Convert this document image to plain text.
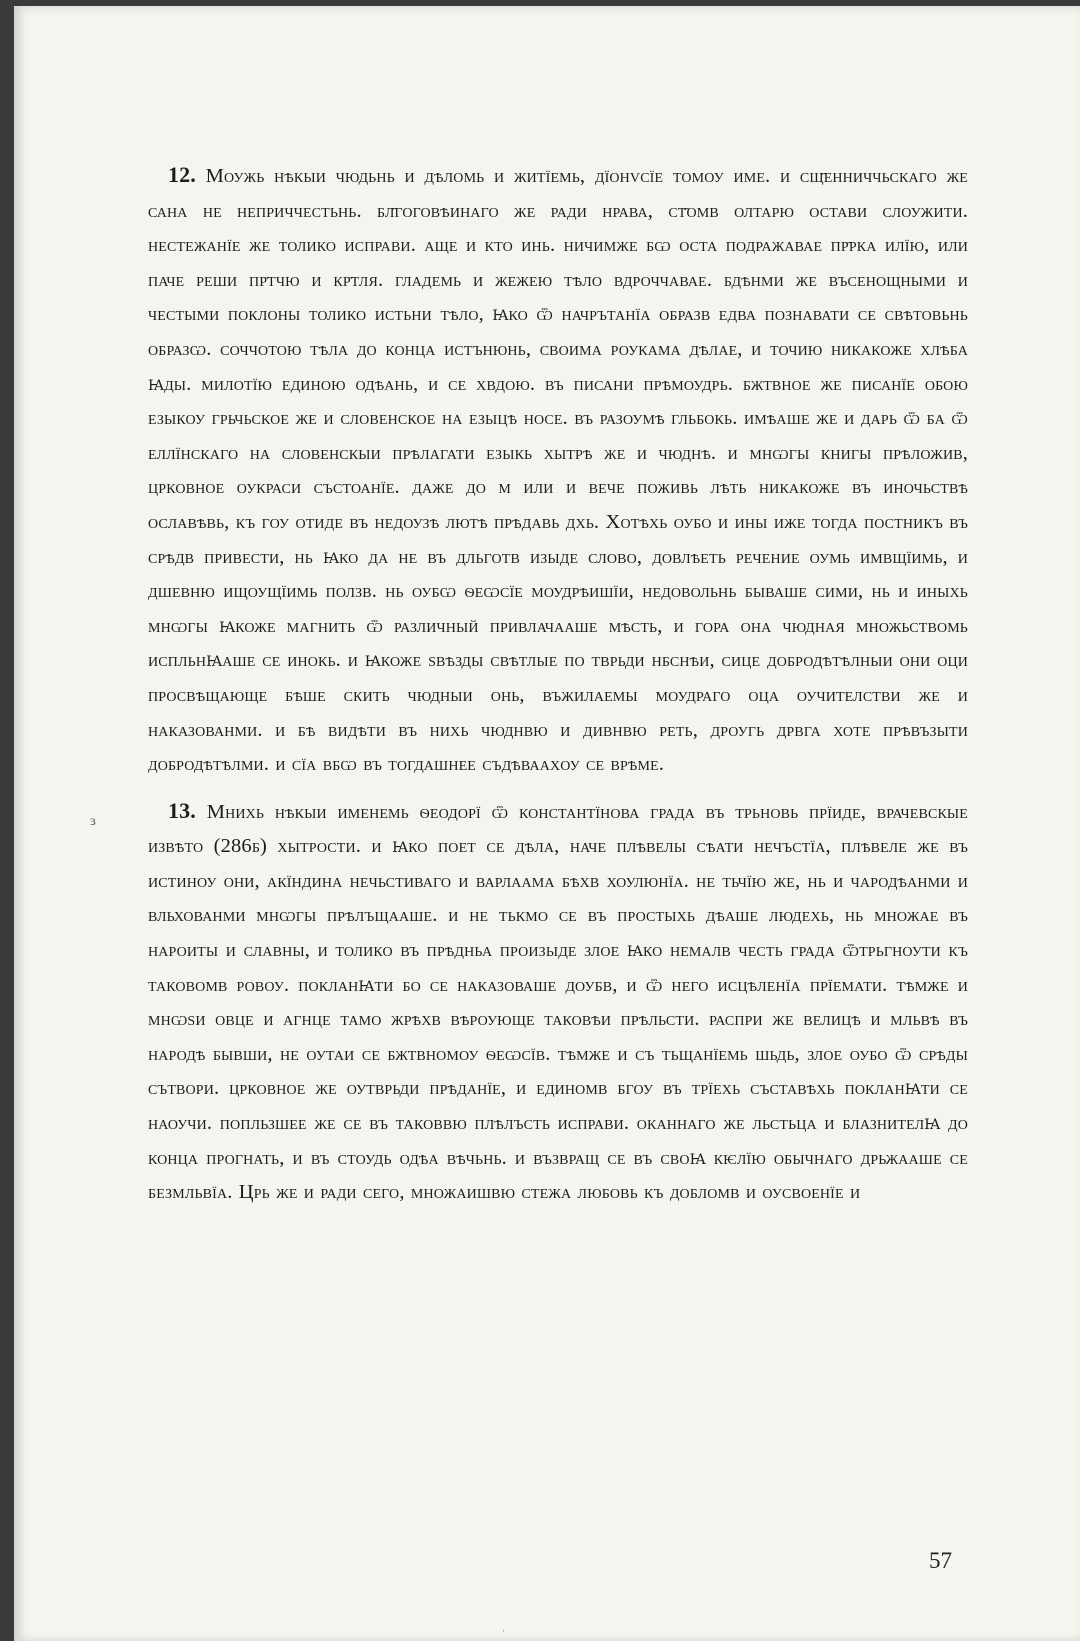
12. Моужь нѣкыи чюдьнь и дѣломь и житїемь, дїонvсїе томоу име. и сщ҃енниччьскаго же сана не неприччестьнь. бл҃гоговѣинаго же ради нрава, ст҃омв олтарю остави слоужити. нестежанїе же толико исправи. аще и кто инь. ничимже бѡ оста подражавае пр҃рка илїю, или паче реши пр҃тчю и кр҃тля. гладемь и жежею тѣло вдроччавае. бдѣнми же въсенощными и честыми поклоны толико истьни тѣло, ꙗко ѿ начрътанїа образв едва познавати се свѣтовьнь образѡ. соччотою тѣла до конца истънюнь, своима роукама дѣлае, и точию никакоже хлѣба ꙗды. милотїю единою одѣань, и се хвдою. въ писани прѣмоудрь. бжтвное же писанїе обою езыкоу грьчьское же и словенское на езыцѣ носе. въ разоумѣ гльбокь. имѣаше же и дарь ѿ ба ѿ еллїнскаго на словенскыи прѣлагати езыкь хытрѣ же и чюднѣ. и мнѡгы книгы прѣложив, црковное оукраси състоанїе. даже до м или и вече поживь лѣть никакоже въ иночьствѣ ославѣвь, къ гоу отиде въ недоузѣ лютѣ прѣдавь дхь. Хотѣхь оубо и ины иже тогда постникъ въ срѣдв привести, нь ꙗко да не въ дльготв изыде слово, довлѣеть речение оумь имвщїимь, и дшевню ищоущїимь ползв. нь оубѡ ѳеѡсїе моудрѣишїи, недовольнь бываше сими, нь и иныхь мнѡгы ꙗкоже магнить ѿ различный привлачааше мѣсть, и гора она чюдная множьствомь испльнꙗаше се инокь. и ꙗкоже ѕвѣзды свѣтлые по тврьди нбснѣи, сице добродѣтѣлныи они оци просвѣщающе бѣше скить чюдныи онь, въжилаемы моудраго оца оучителстви же и наказованми. и бѣ видѣти въ нихь чюднвю и дивнвю реть, дроугь дрвга хоте прѣвъзыти добродѣтѣлми. и сїа вбѡ въ тогдашнее съдѣвааχоу се врѣме.

13. Мнихь нѣкыи именемь ѳеодорї ѿ константїнова града въ трьновь прїиде, врачевскые извѣто (286б) хытрости. и ꙗко поет се дѣла, наче плѣвелы сѣати нечъстїа, плѣвеле же въ истиноу они, акїндина нечьстиваго и варлаама бѣхв хоулюнїа. не тьчїю же, нь и чародѣанми и вльхованми мнѡгы прѣлъщааше. и не тькмо се въ простыхь дѣаше людехь, нь множае въ нароиты и славны, и толико въ прѣдньа произыде злое ꙗко немалв честь града ѿтрьгноути къ таковомв ровоу. покланꙗти бо се наказоваше доубв, и ѿ него исцѣленїа прїемати. тѣмже и мнѡѕи овце и агнце тамо жрѣхв вѣроующе таковѣи прѣльсти. распри же велицѣ и мльвѣ въ народѣ бывши, не оутаи се бжтвномоу ѳеѡсїв. тѣмже и съ тьщанїемь шьдь, злое оубо ѿ срѣды сътвори. црковное же оутврьди прѣданїе, и единомв бгоу въ трїехь съставѣхь покланꙗти се наоучи. попльзшее же се въ таковвю плѣлъсть исправи. оканнаго же льстьца и блазнителꙗ до конца прогнать, и въ стоудь одѣа вѣчьнь. и възвращ се въ своꙗ кѥлїю обычнаго дрьжааше се безмльвїа. Црь же и ради сего, множаишвю стежа любовь къ добломв и оусвоенїе и

ɜ
57
·
